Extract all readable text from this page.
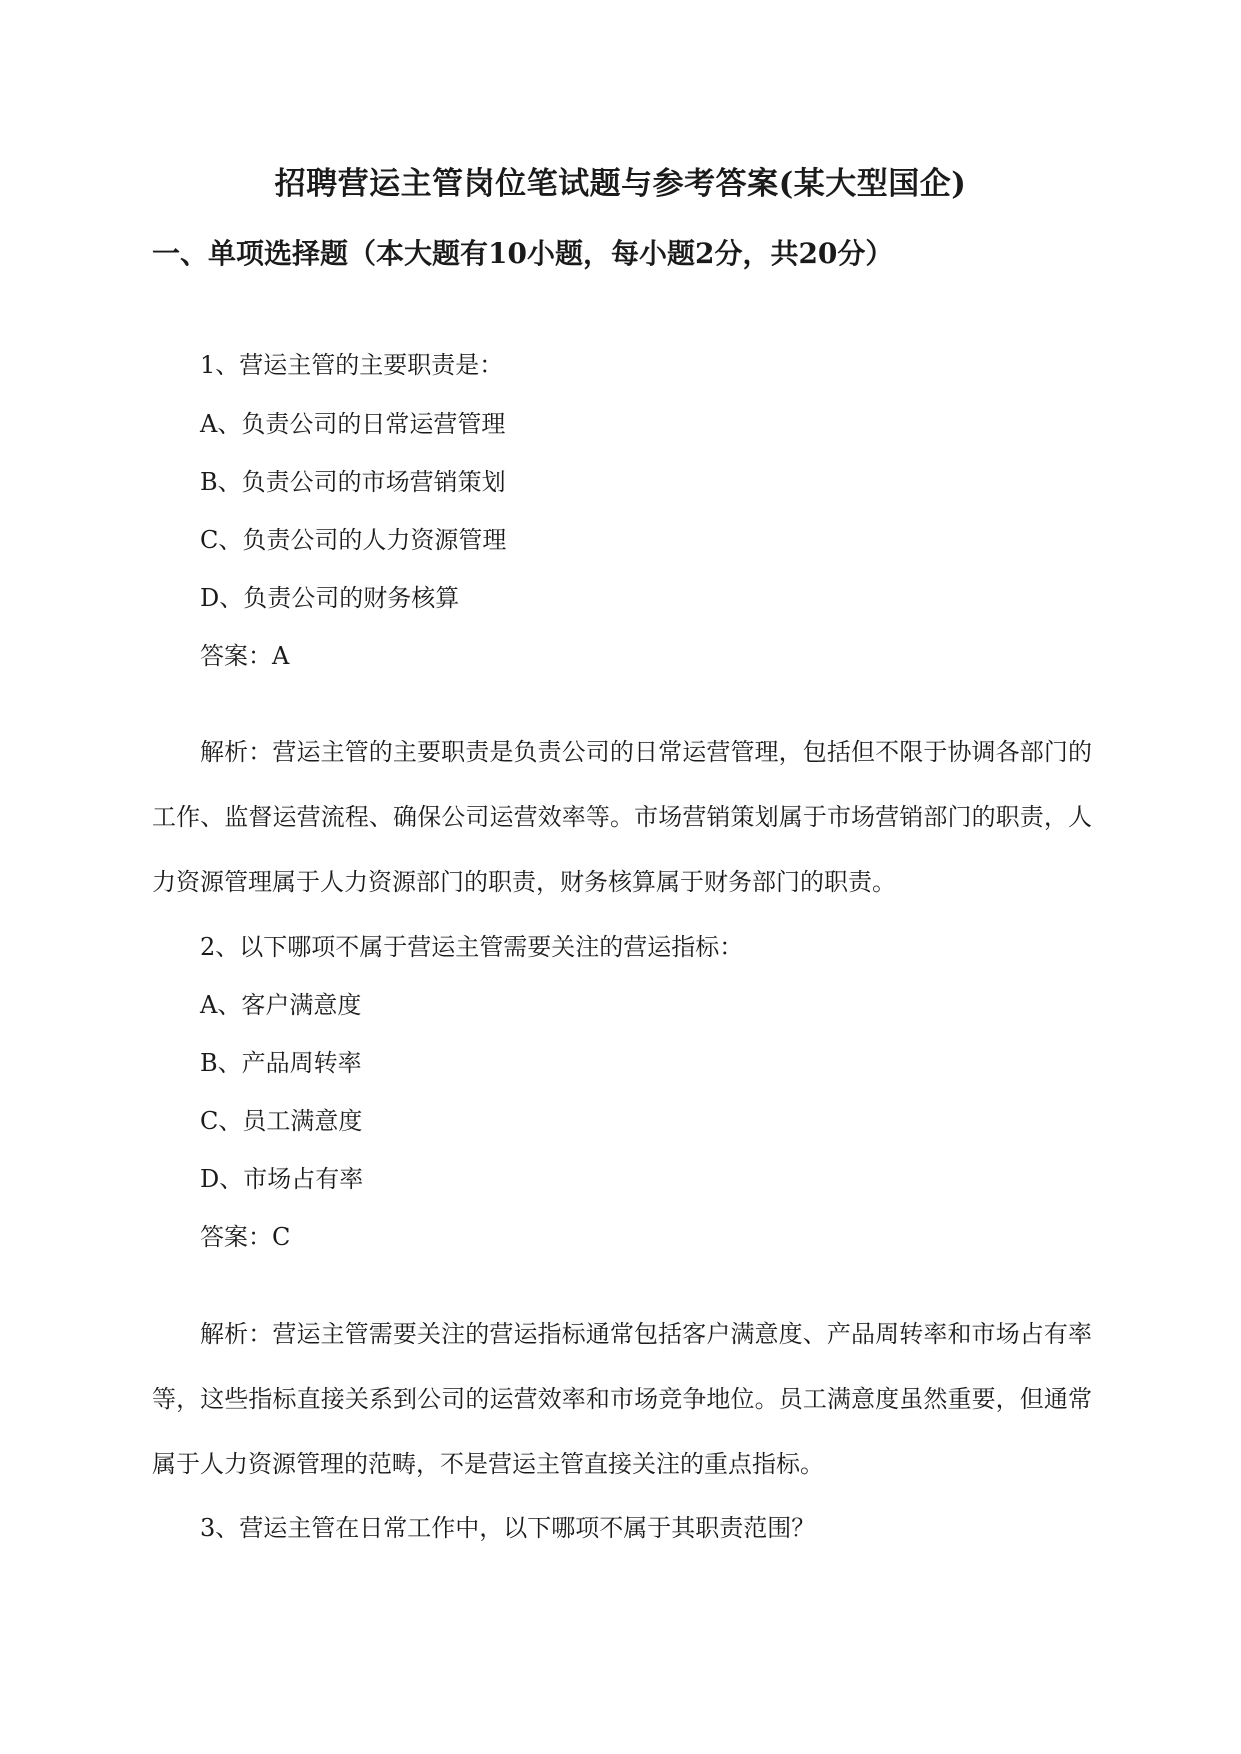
招聘营运主管岗位笔试题与参考答案(某大型国企)
一、单项选择题（本大题有10小题，每小题2分，共20分）
1、营运主管的主要职责是：
A、负责公司的日常运营管理
B、负责公司的市场营销策划
C、负责公司的人力资源管理
D、负责公司的财务核算
答案：A
解析：营运主管的主要职责是负责公司的日常运营管理，包括但不限于协调各部门的工作、监督运营流程、确保公司运营效率等。市场营销策划属于市场营销部门的职责，人力资源管理属于人力资源部门的职责，财务核算属于财务部门的职责。
2、以下哪项不属于营运主管需要关注的营运指标：
A、客户满意度
B、产品周转率
C、员工满意度
D、市场占有率
答案：C
解析：营运主管需要关注的营运指标通常包括客户满意度、产品周转率和市场占有率等，这些指标直接关系到公司的运营效率和市场竞争地位。员工满意度虽然重要，但通常属于人力资源管理的范畴，不是营运主管直接关注的重点指标。
3、营运主管在日常工作中，以下哪项不属于其职责范围？
